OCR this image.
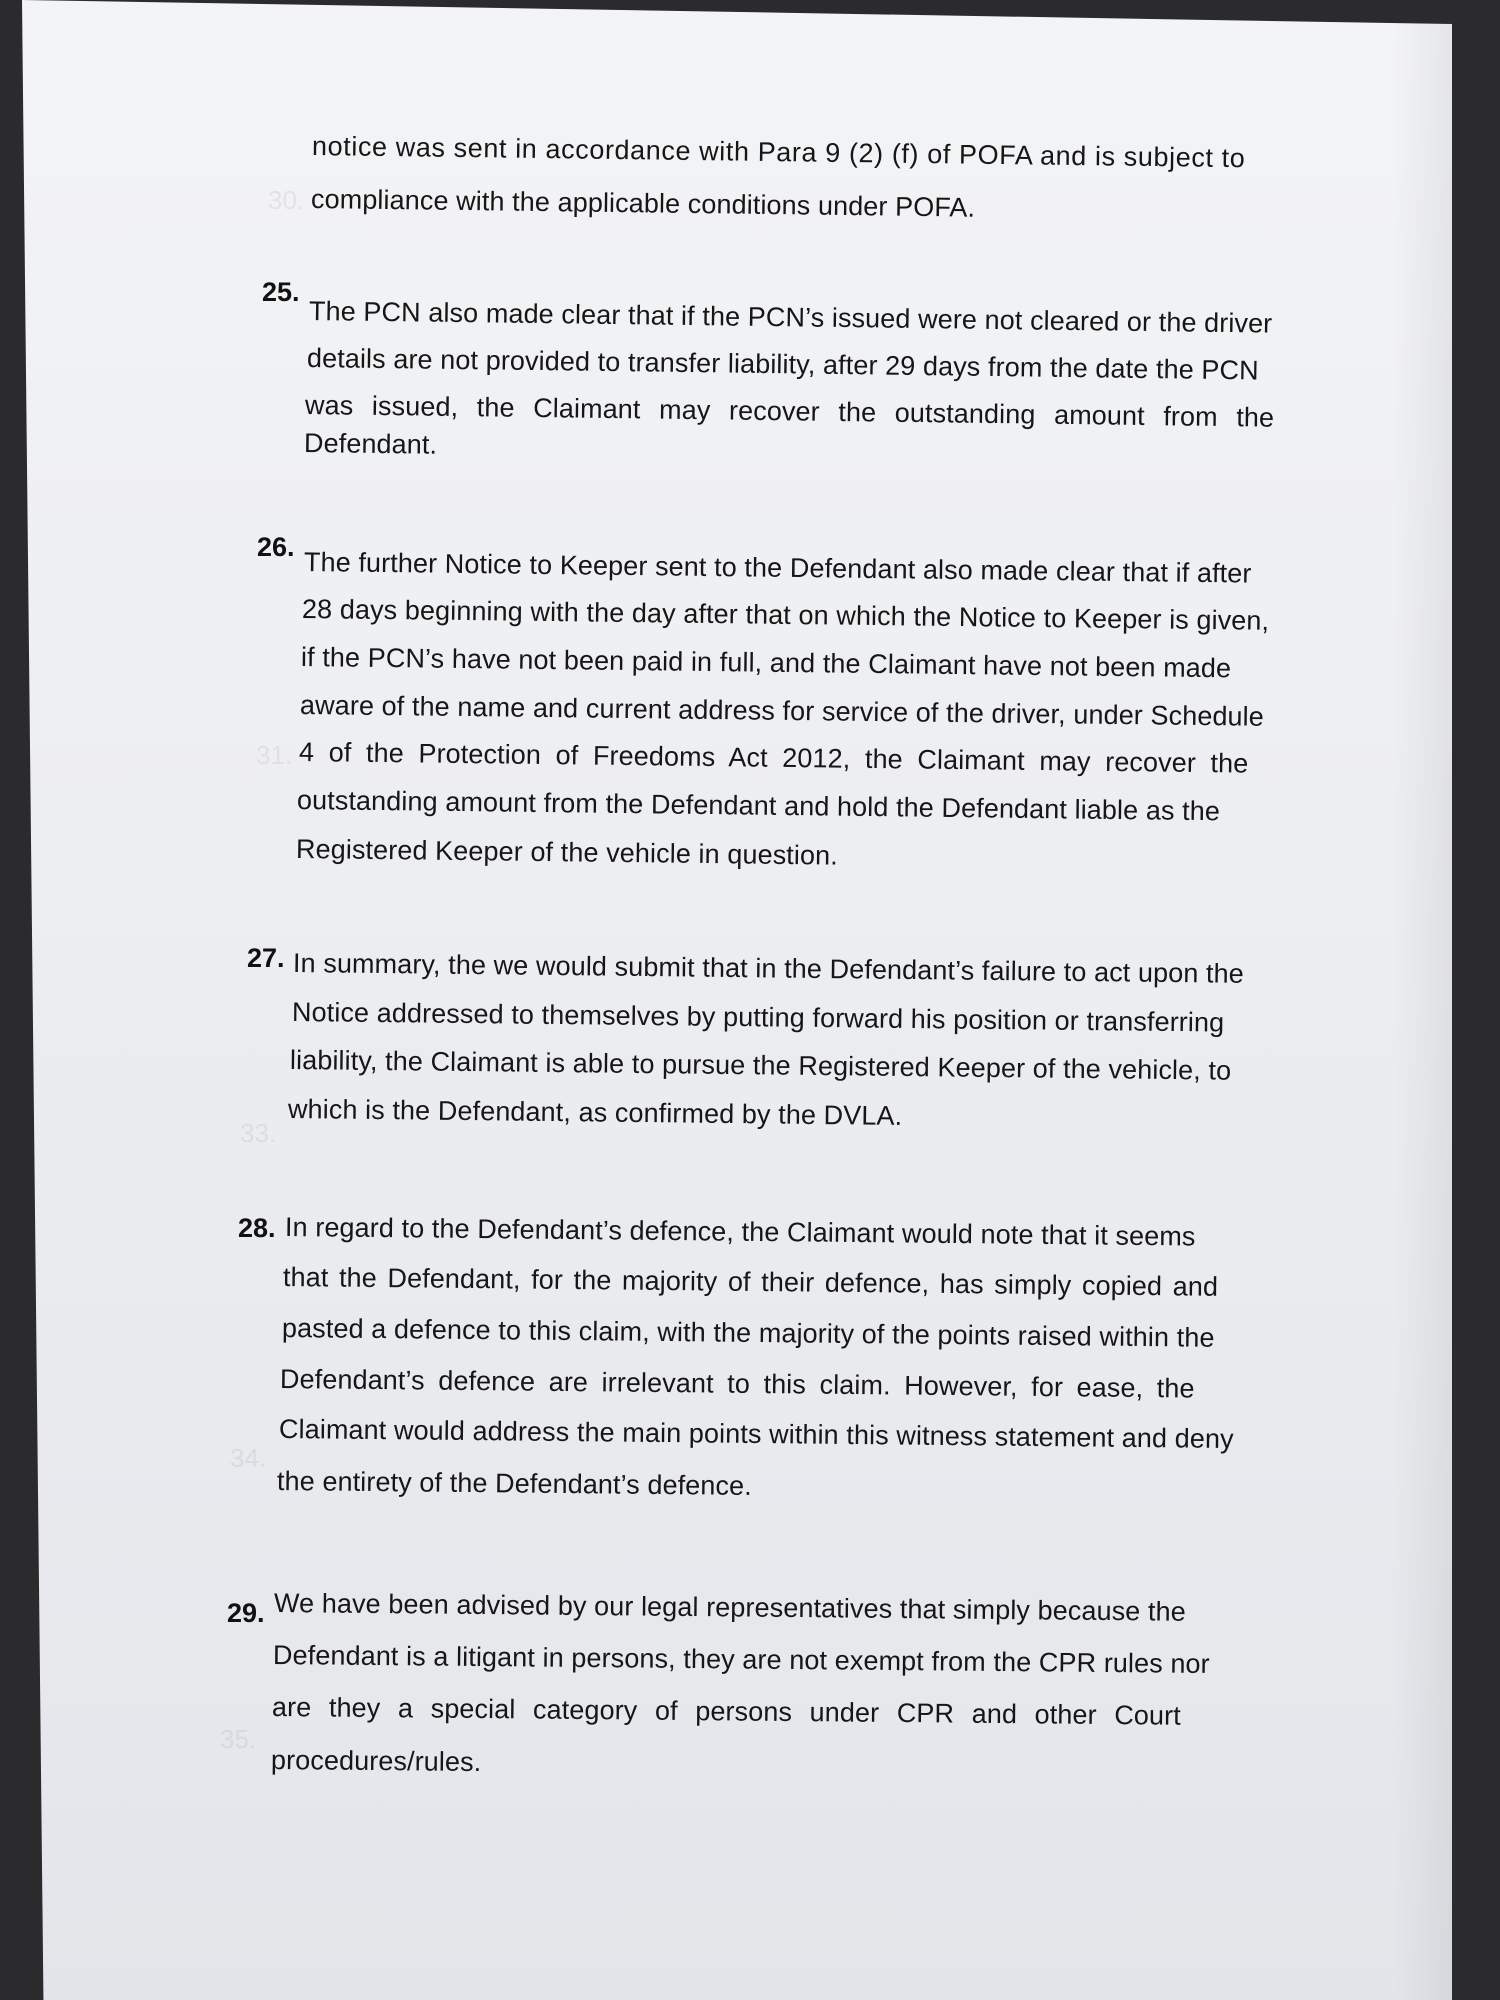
30.
31.
33.
34.
35.
notice was sent in accordance with Para 9 (2) (f) of POFA and is subject to
compliance with the applicable conditions under POFA.
25.
The PCN also made clear that if the PCN’s issued were not cleared or the driver
details are not provided to transfer liability, after 29 days from the date the PCN
was issued, the Claimant may recover the outstanding amount from the
Defendant.
26.
The further Notice to Keeper sent to the Defendant also made clear that if after
28 days beginning with the day after that on which the Notice to Keeper is given,
if the PCN’s have not been paid in full, and the Claimant have not been made
aware of the name and current address for service of the driver, under Schedule
4 of the Protection of Freedoms Act 2012, the Claimant may recover the
outstanding amount from the Defendant and hold the Defendant liable as the
Registered Keeper of the vehicle in question.
27. In summary, the we would submit that in the Defendant’s failure to act upon the
Notice addressed to themselves by putting forward his position or transferring
liability, the Claimant is able to pursue the Registered Keeper of the vehicle, to
which is the Defendant, as confirmed by the DVLA.
28. In regard to the Defendant’s defence, the Claimant would note that it seems
that the Defendant, for the majority of their defence, has simply copied and
pasted a defence to this claim, with the majority of the points raised within the
Defendant’s defence are irrelevant to this claim. However, for ease, the
Claimant would address the main points within this witness statement and deny
the entirety of the Defendant’s defence.
29. We have been advised by our legal representatives that simply because the
Defendant is a litigant in persons, they are not exempt from the CPR rules nor
are they a special category of persons under CPR and other Court
procedures/rules.
